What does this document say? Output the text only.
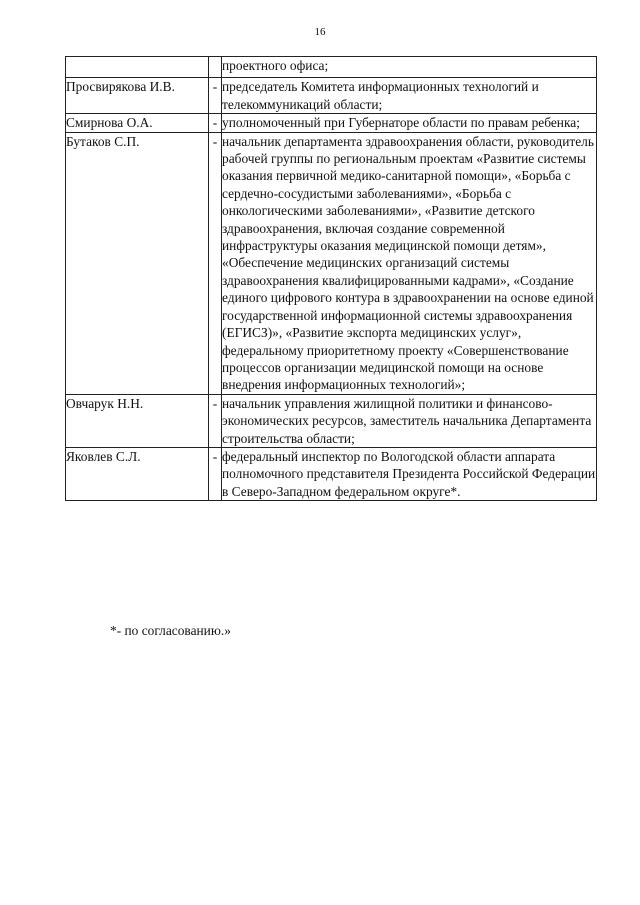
16
		проектного офиса;
Просвирякова И.В.	-	председатель Комитета информационных технологий и телекоммуникаций области;
Смирнова О.А.	-	уполномоченный при Губернаторе области по правам ребенка;
Бутаков С.П.	-	начальник департамента здравоохранения области, руководитель рабочей группы по региональным проектам «Развитие системы оказания первичной медико-санитарной помощи», «Борьба с сердечно-сосудистыми заболеваниями», «Борьба с онкологическими заболеваниями», «Развитие детского здравоохранения, включая создание современной инфраструктуры оказания медицинской помощи детям», «Обеспечение медицинских организаций системы здравоохранения квалифицированными кадрами», «Создание единого цифрового контура в здравоохранении на основе единой государственной информационной системы здравоохранения (ЕГИСЗ)», «Развитие экспорта медицинских услуг», федеральному приоритетному проекту «Совершенствование процессов организации медицинской помощи на основе внедрения информационных технологий»;
Овчарук Н.Н.	-	начальник управления жилищной политики и финансово-экономических ресурсов, заместитель начальника Департамента строительства области;
Яковлев С.Л.	-	федеральный инспектор по Вологодской области аппарата полномочного представителя Президента Российской Федерации в Северо-Западном федеральном округе*.
*- по согласованию.»
